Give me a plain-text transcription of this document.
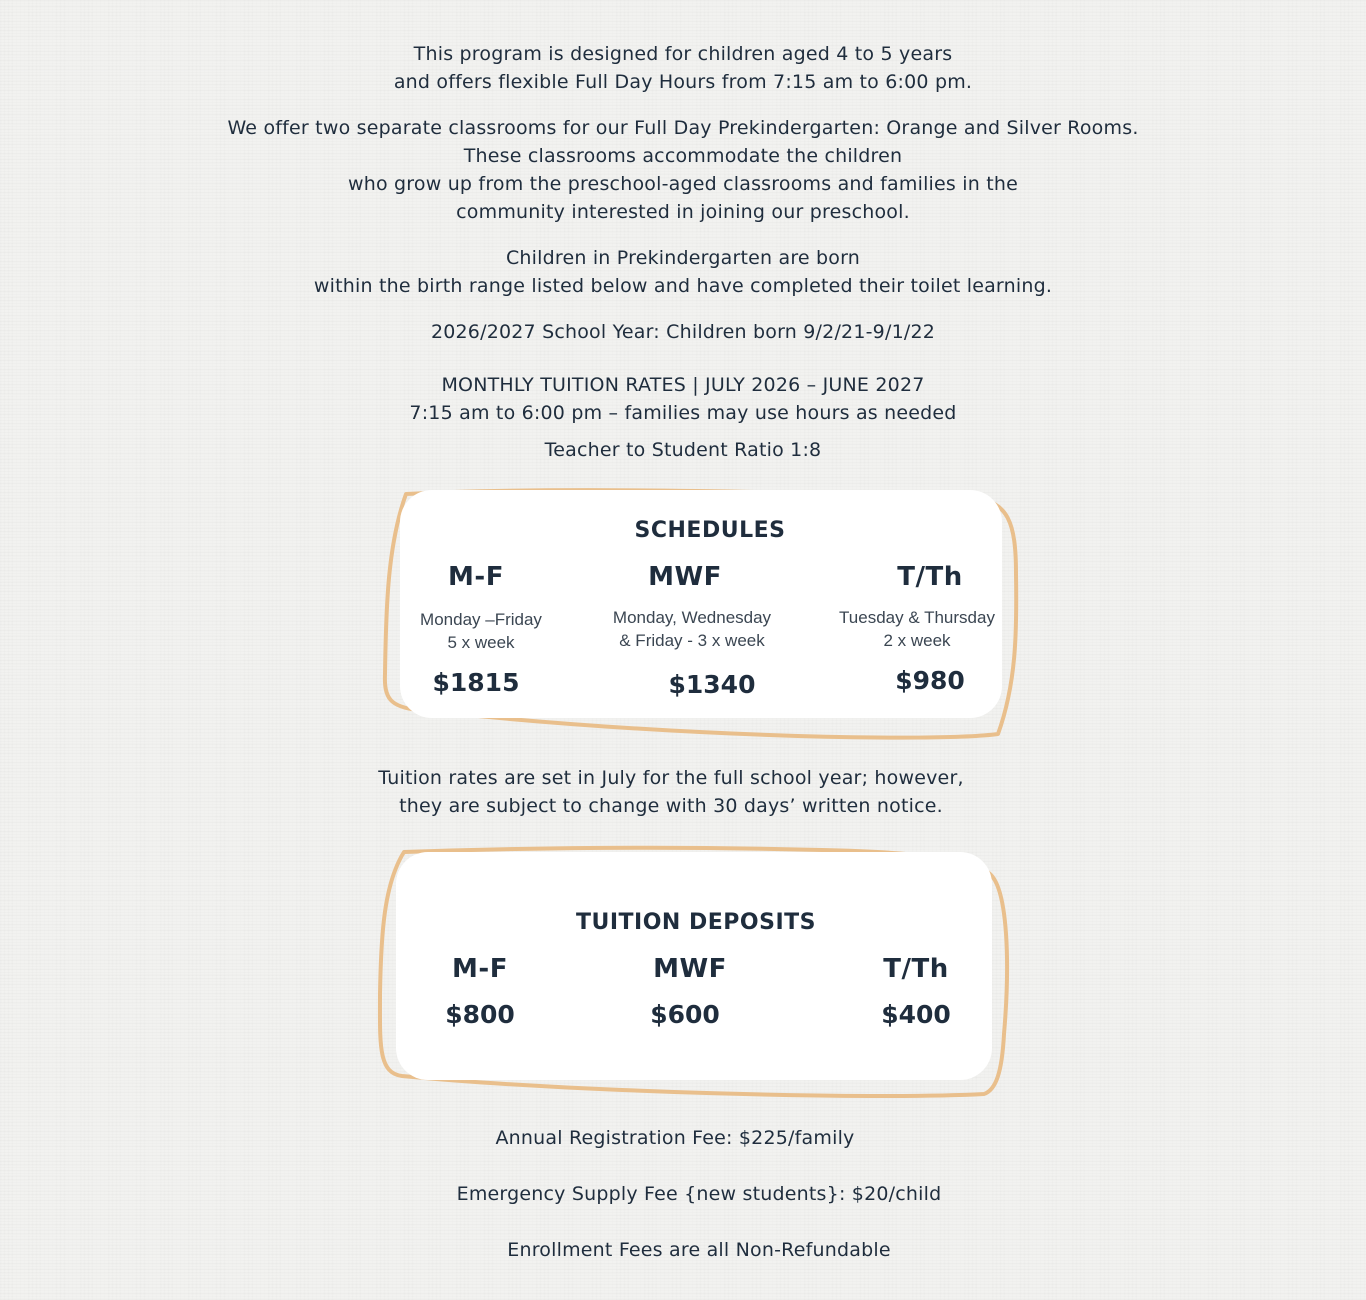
This program is designed for children aged 4 to 5 years
and offers flexible Full Day Hours from 7:15 am to 6:00 pm.
We offer two separate classrooms for our Full Day Prekindergarten: Orange and Silver Rooms.
These classrooms accommodate the children
who grow up from the preschool-aged classrooms and families in the
community interested in joining our preschool.
Children in Prekindergarten are born
within the birth range listed below and have completed their toilet learning.
2026/2027 School Year: Children born 9/2/21-9/1/22
MONTHLY TUITION RATES | JULY 2026 – JUNE 2027
7:15 am to 6:00 pm – families may use hours as needed
Teacher to Student Ratio 1:8
SCHEDULES
M-F
Monday –Friday
5 x week
$1815
MWF
Monday, Wednesday
& Friday - 3 x week
$1340
T/Th
Tuesday & Thursday
2 x week
$980
Tuition rates are set in July for the full school year; however,
they are subject to change with 30 days’ written notice.
TUITION DEPOSITS
M-F
$800
MWF
$600
T/Th
$400
Annual Registration Fee: $225/family
Emergency Supply Fee {new students}: $20/child
Enrollment Fees are all Non-Refundable
